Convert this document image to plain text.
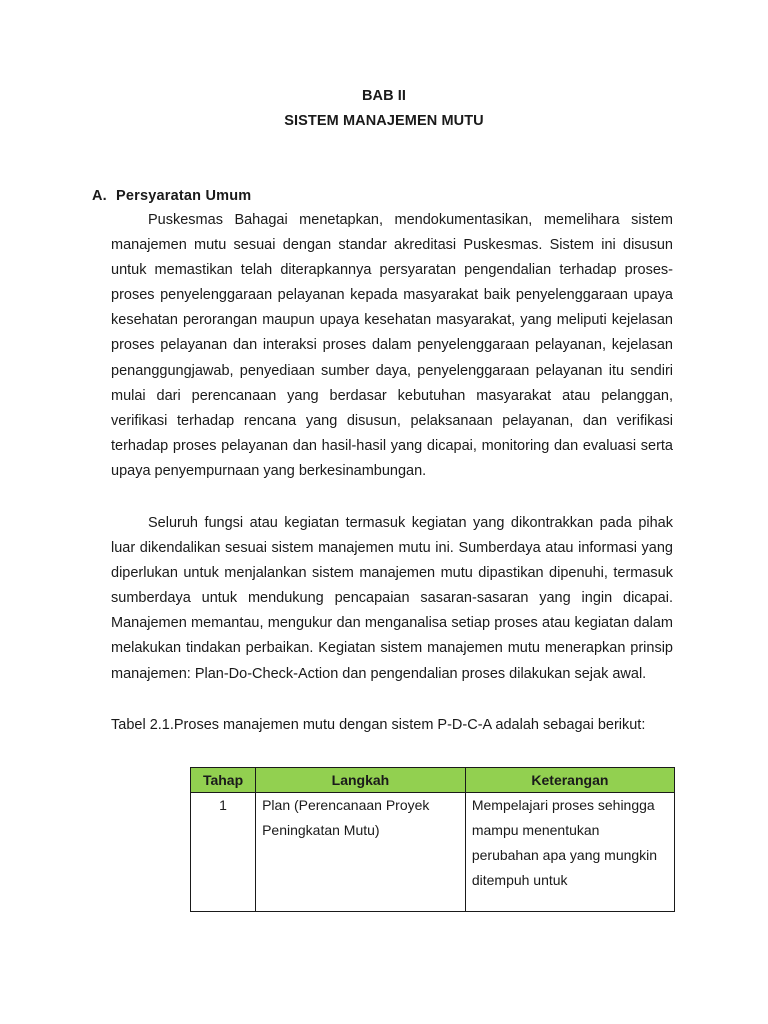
BAB II
SISTEM MANAJEMEN MUTU
A. Persyaratan Umum

Puskesmas Bahagai menetapkan, mendokumentasikan, memelihara sistem manajemen mutu sesuai dengan standar akreditasi Puskesmas. Sistem ini disusun untuk memastikan telah diterapkannya persyaratan pengendalian terhadap proses-proses penyelenggaraan pelayanan kepada masyarakat baik penyelenggaraan upaya kesehatan perorangan maupun upaya kesehatan masyarakat, yang meliputi kejelasan proses pelayanan dan interaksi proses dalam penyelenggaraan pelayanan, kejelasan penanggungjawab, penyediaan sumber daya, penyelenggaraan pelayanan itu sendiri mulai dari perencanaan yang berdasar kebutuhan masyarakat atau pelanggan, verifikasi terhadap rencana yang disusun, pelaksanaan pelayanan, dan verifikasi terhadap proses pelayanan dan hasil-hasil yang dicapai, monitoring dan evaluasi serta upaya penyempurnaan yang berkesinambungan.

Seluruh fungsi atau kegiatan termasuk kegiatan yang dikontrakkan pada pihak luar dikendalikan sesuai sistem manajemen mutu ini. Sumberdaya atau informasi yang diperlukan untuk menjalankan sistem manajemen mutu dipastikan dipenuhi, termasuk sumberdaya untuk mendukung pencapaian sasaran-sasaran yang ingin dicapai. Manajemen memantau, mengukur dan menganalisa setiap proses atau kegiatan dalam melakukan tindakan perbaikan. Kegiatan sistem manajemen mutu menerapkan prinsip manajemen: Plan-Do-Check-Action dan pengendalian proses dilakukan sejak awal.

Tabel 2.1.Proses manajemen mutu dengan sistem P-D-C-A adalah sebagai berikut:

Tahap	Langkah	Keterangan
1	Plan (Perencanaan Proyek Peningkatan Mutu)	Mempelajari proses sehingga mampu menentukan perubahan apa yang mungkin ditempuh untuk
